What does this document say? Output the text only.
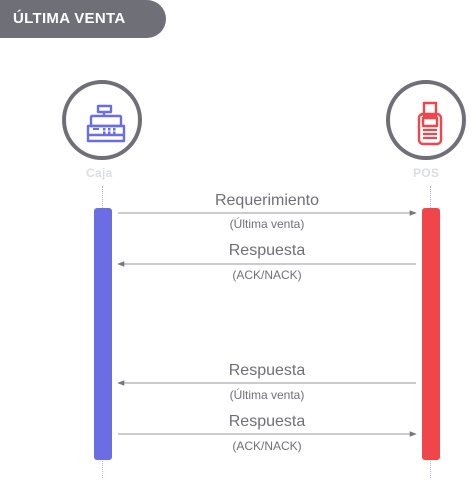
ÚLTIMA VENTA
Caja	POS
Requerimiento
(Última venta)
Respuesta
(ACK/NACK)
Respuesta
(Última venta)
Respuesta
(ACK/NACK)
